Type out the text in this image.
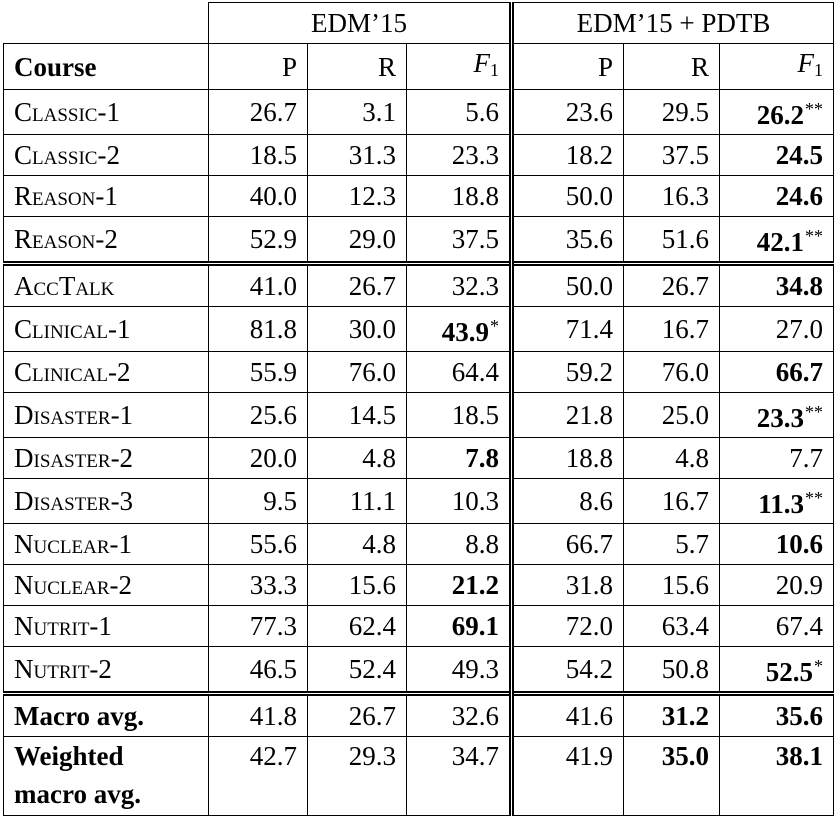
	EDM’15			EDM’15 + PDTB		
Course	P	R	$F_1$	P	R	$F_1$
Classic-1	26.7	3.1	5.6	23.6	29.5	26.2**
Classic-2	18.5	31.3	23.3	18.2	37.5	24.5
Reason-1	40.0	12.3	18.8	50.0	16.3	24.6
Reason-2	52.9	29.0	37.5	35.6	51.6	42.1**
AccTalk	41.0	26.7	32.3	50.0	26.7	34.8
Clinical-1	81.8	30.0	43.9*	71.4	16.7	27.0
Clinical-2	55.9	76.0	64.4	59.2	76.0	66.7
Disaster-1	25.6	14.5	18.5	21.8	25.0	23.3**
Disaster-2	20.0	4.8	7.8	18.8	4.8	7.7
Disaster-3	9.5	11.1	10.3	8.6	16.7	11.3**
Nuclear-1	55.6	4.8	8.8	66.7	5.7	10.6
Nuclear-2	33.3	15.6	21.2	31.8	15.6	20.9
Nutrit-1	77.3	62.4	69.1	72.0	63.4	67.4
Nutrit-2	46.5	52.4	49.3	54.2	50.8	52.5*

Macro avg.	41.8	26.7	32.6	41.6	31.2	35.6

Weighted
macro avg.	42.7	29.3	34.7	41.9	35.0	38.1
